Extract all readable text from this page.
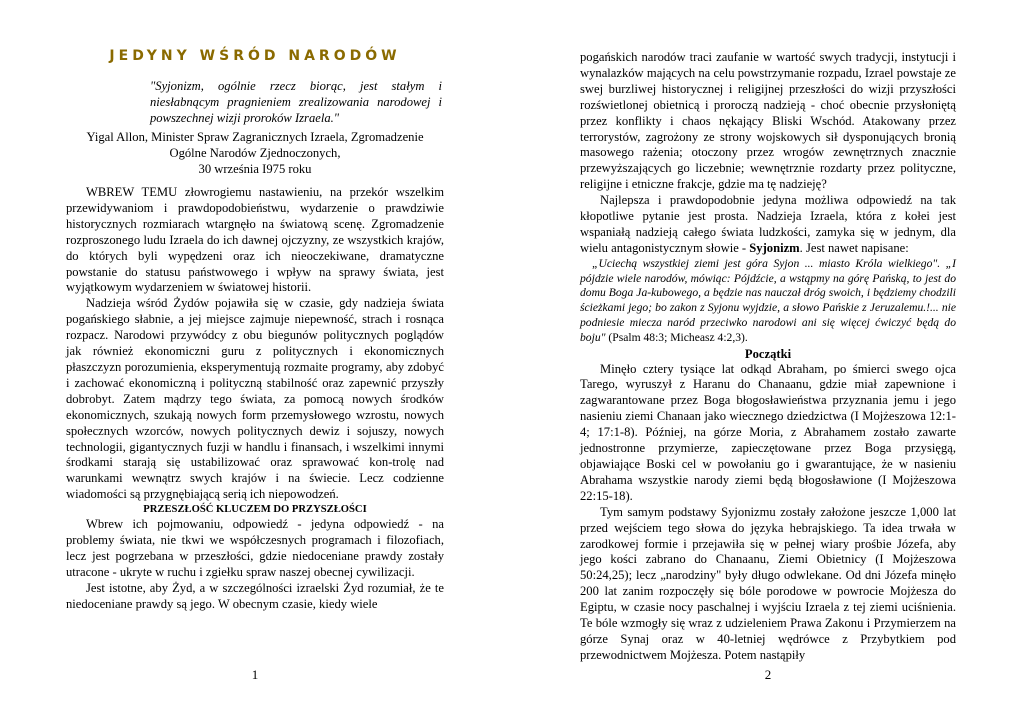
JEDYNY WŚRÓD NARODÓW
"Syjonizm, ogólnie rzecz biorąc, jest stałym i niesłabnącym pragnieniem zrealizowania narodowej i powszechnej wizji proroków Izraela."
Yigal Allon, Minister Spraw Zagranicznych Izraela, Zgromadzenie
Ogólne Narodów Zjednoczonych,
30 września I975 roku

WBREW TEMU złowrogiemu nastawieniu, na przekór wszelkim przewidywaniom i prawdopodobieństwu, wydarzenie o prawdziwie historycznych rozmiarach wtargnęło na światową scenę. Zgromadzenie rozproszonego ludu Izraela do ich dawnej ojczyzny, ze wszystkich krajów, do których byli wypędzeni oraz ich nieoczekiwane, dramatyczne powstanie do statusu państwowego i wpływ na sprawy świata, jest wyjątkowym wydarzeniem w światowej historii.

Nadzieja wśród Żydów pojawiła się w czasie, gdy nadzieja świata pogańskiego słabnie, a jej miejsce zajmuje niepewność, strach i rosnąca rozpacz. Narodowi przywódcy z obu biegunów politycznych poglądów jak również ekonomiczni guru z politycznych i ekonomicznych płaszczyzn porozumienia, eksperymentują rozmaite programy, aby zdobyć i zachować ekonomiczną i polityczną stabilność oraz zapewnić przyszły dobrobyt. Zatem mądrzy tego świata, za pomocą nowych środków ekonomicznych, szukają nowych form przemysłowego wzrostu, nowych społecznych wzorców, nowych politycznych dewiz i sojuszy, nowych technologii, gigantycznych fuzji w handlu i finansach, i wszelkimi innymi środkami starają się ustabilizować oraz sprawować kon-trolę nad warunkami wewnątrz swych krajów i na świecie. Lecz codzienne wiadomości są przygnębiającą serią ich niepowodzeń.

PRZESZŁOŚĆ KLUCZEM DO PRZYSZŁOŚCI

Wbrew ich pojmowaniu, odpowiedź - jedyna odpowiedź - na problemy świata, nie tkwi we współczesnych programach i filozofiach, lecz jest pogrzebana w przeszłości, gdzie niedoceniane prawdy zostały utracone - ukryte w ruchu i zgiełku spraw naszej obecnej cywilizacji.

Jest istotne, aby Żyd, a w szczególności izraelski Żyd rozumiał, że te niedoceniane prawdy są jego. W obecnym czasie, kiedy wiele

1

pogańskich narodów traci zaufanie w wartość swych tradycji, instytucji i wynalazków mających na celu powstrzymanie rozpadu, Izrael powstaje ze swej burzliwej historycznej i religijnej przeszłości do wizji przyszłości rozświetlonej obietnicą i proroczą nadzieją - choć obecnie przysłoniętą przez konflikty i chaos nękający Bliski Wschód. Atakowany przez terrorystów, zagrożony ze strony wojskowych sił dysponujących bronią masowego rażenia; otoczony przez wrogów zewnętrznych znacznie przewyższających go liczebnie; wewnętrznie rozdarty przez polityczne, religijne i etniczne frakcje, gdzie ma tę nadzieję?

Najlepsza i prawdopodobnie jedyna możliwa odpowiedź na tak kłopotliwe pytanie jest prosta. Nadzieja Izraela, która z kołei jest wspaniałą nadzieją całego świata ludzkości, zamyka się w jednym, dla wielu antagonistycznym słowie - Syjonizm. Jest nawet napisane:

„Uciechą wszystkiej ziemi jest góra Syjon ... miasto Króla wielkiego". „I pójdzie wiele narodów, mówiąc: Pójdźcie, a wstąpmy na górę Pańską, to jest do domu Boga Ja-kubowego, a będzie nas nauczał dróg swoich, i będziemy chodzili ścieżkami jego; bo zakon z Syjonu wyjdzie, a słowo Pańskie z Jeruzalemu.!... nie podniesie miecza naród przeciwko narodowi ani się więcej ćwiczyć będą do boju" (Psalm 48:3; Micheasz 4:2,3).

Początki

Minęło cztery tysiące lat odkąd Abraham, po śmierci swego ojca Tarego, wyruszył z Haranu do Chanaanu, gdzie miał zapewnione i zagwarantowane przez Boga błogosławieństwa przyznania jemu i jego nasieniu ziemi Chanaan jako wiecznego dziedzictwa (I Mojżeszowa 12:1-4; 17:1-8). Później, na górze Moria, z Abrahamem zostało zawarte jednostronne przymierze, zapieczętowane przez Boga przysięgą, objawiające Boski cel w powołaniu go i gwarantujące, że w nasieniu Abrahama wszystkie narody ziemi będą błogosławione (I Mojżeszowa 22:15-18).

Tym samym podstawy Syjonizmu zostały założone jeszcze 1,000 lat przed wejściem tego słowa do języka hebrajskiego. Ta idea trwała w zarodkowej formie i przejawiła się w pełnej wiary prośbie Józefa, aby jego kości zabrano do Chanaanu, Ziemi Obietnicy (I Mojżeszowa 50:24,25); lecz „narodziny" były długo odwlekane. Od dni Józefa minęło 200 lat zanim rozpoczęły się bóle porodowe w powrocie Mojżesza do Egiptu, w czasie nocy paschalnej i wyjściu Izraela z tej ziemi uciśnienia. Te bóle wzmogły się wraz z udzieleniem Prawa Zakonu i Przymierzem na górze Synaj oraz w 40-letniej wędrówce z Przybytkiem pod przewodnictwem Mojżesza. Potem nastąpiły

2
